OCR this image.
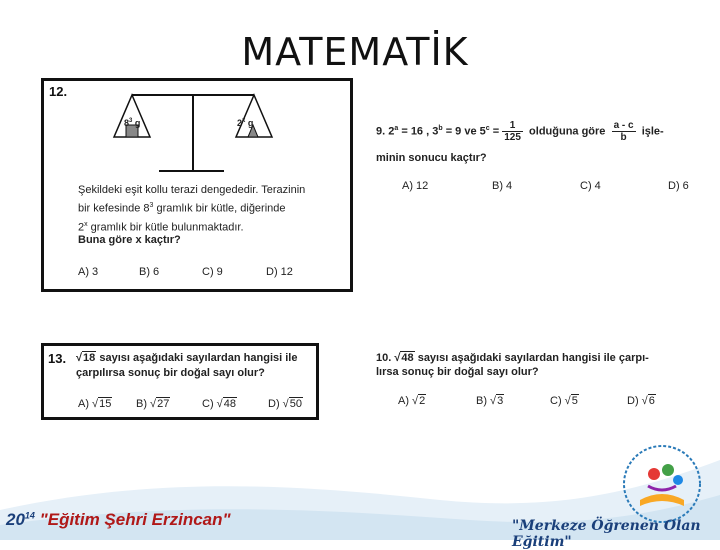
MATEMATİK
12.
$8^3$ g	2$^x$ g
Şekildeki eşit kollu terazi dengededir. Terazinin
bir kefesinde $8^3$ gramlık bir kütle, diğerinde
2$^x$ gramlık bir kütle bulunmaktadır.
Buna göre x kaçtır?
A) 3	B) 6	C) 9	D) 12
13. √18 sayısı aşağıdaki sayılardan hangisi ile
çarpılırsa sonuç bir doğal sayı olur?
A) √15 B) √27	C) √48	D) √50
9. $2^a = 16$ , $3^b = 9$ ve $5^c = \frac{1}{125}$ olduğuna göre $\frac{a - c}{b}$ işle-
minin sonucu kaçtır?
A) 12	B) 4	C) 4	D) 6
10. √48 sayısı aşağıdaki sayılardan hangisi ile çarpı-
lırsa sonuç bir doğal sayı olur?
A) √2	B) √3	C) √5	D) √6
$20^{14}$ "Eğitim Şehri Erzincan"	"Merkeze Öğrenen Olan Eğitim"
